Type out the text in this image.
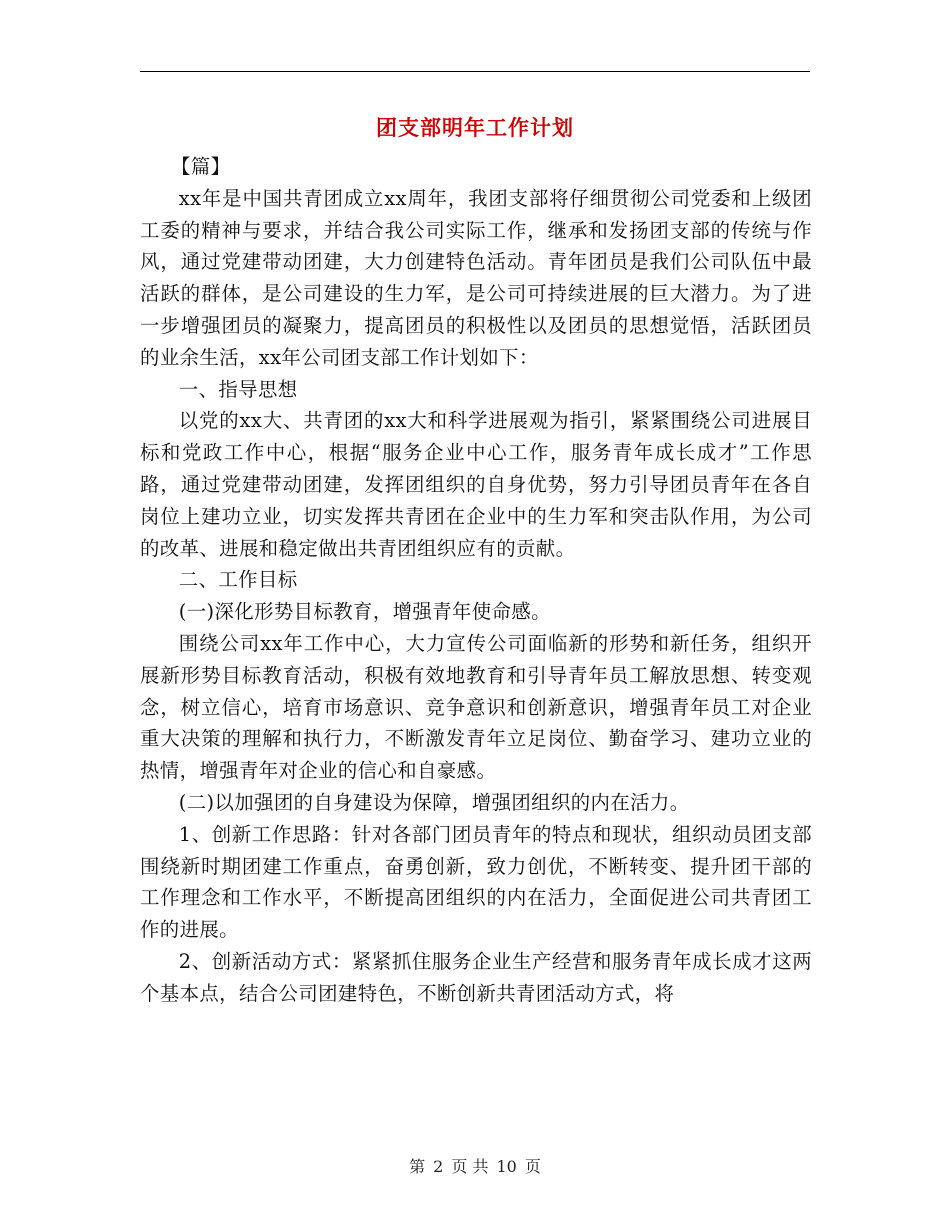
团支部明年工作计划

【篇】

xx年是中国共青团成立xx周年，我团支部将仔细贯彻公司党委和上级团工委的精神与要求，并结合我公司实际工作，继承和发扬团支部的传统与作风，通过党建带动团建，大力创建特色活动。青年团员是我们公司队伍中最活跃的群体，是公司建设的生力军，是公司可持续进展的巨大潜力。为了进一步增强团员的凝聚力，提高团员的积极性以及团员的思想觉悟，活跃团员的业余生活，xx年公司团支部工作计划如下：

一、指导思想

以党的xx大、共青团的xx大和科学进展观为指引，紧紧围绕公司进展目标和党政工作中心，根据“服务企业中心工作，服务青年成长成才”工作思路，通过党建带动团建，发挥团组织的自身优势，努力引导团员青年在各自岗位上建功立业，切实发挥共青团在企业中的生力军和突击队作用，为公司的改革、进展和稳定做出共青团组织应有的贡献。

二、工作目标

(一)深化形势目标教育，增强青年使命感。

围绕公司xx年工作中心，大力宣传公司面临新的形势和新任务，组织开展新形势目标教育活动，积极有效地教育和引导青年员工解放思想、转变观念，树立信心，培育市场意识、竞争意识和创新意识，增强青年员工对企业重大决策的理解和执行力，不断激发青年立足岗位、勤奋学习、建功立业的热情，增强青年对企业的信心和自豪感。

(二)以加强团的自身建设为保障，增强团组织的内在活力。

1、创新工作思路：针对各部门团员青年的特点和现状，组织动员团支部围绕新时期团建工作重点，奋勇创新，致力创优，不断转变、提升团干部的工作理念和工作水平，不断提高团组织的内在活力，全面促进公司共青团工作的进展。

2、创新活动方式：紧紧抓住服务企业生产经营和服务青年成长成才这两个基本点，结合公司团建特色，不断创新共青团活动方式，将

第 2 页 共 10 页
